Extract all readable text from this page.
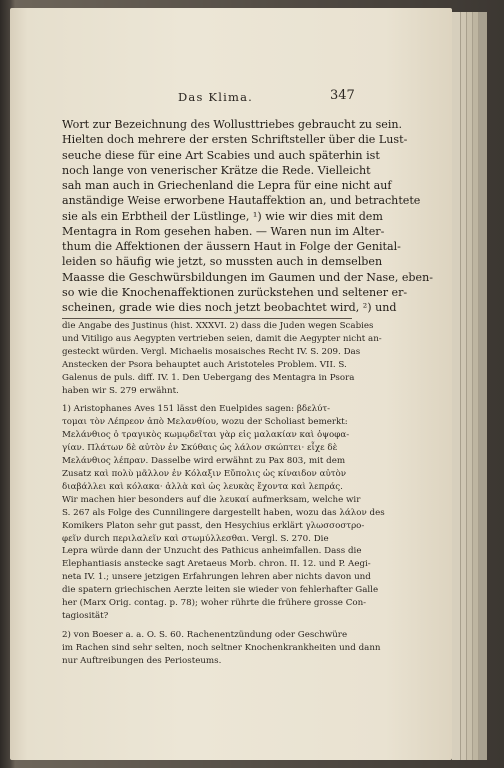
Das Klima.	347
Wort zur Bezeichnung des Wollusttriebes gebraucht zu sein.
Hielten doch mehrere der ersten Schriftsteller über die Lust-
seuche diese für eine Art Scabies und auch späterhin ist
noch lange von venerischer Krätze die Rede. Vielleicht
sah man auch in Griechenland die Lepra für eine nicht auf
anständige Weise erworbene Hautaffektion an, und betrachtete
sie als ein Erbtheil der Lüstlinge, ¹) wie wir dies mit dem
Mentagra in Rom gesehen haben. — Waren nun im Alter-
thum die Affektionen der äussern Haut in Folge der Genital-
leiden so häufig wie jetzt, so mussten auch in demselben
Maasse die Geschwürsbildungen im Gaumen und der Nase, eben-
so wie die Knochenaffektionen zurückstehen und seltener er-
scheinen, grade wie dies noch jetzt beobachtet wird, ²) und
die Angabe des Justinus (hist. XXXVI. 2) dass die Juden wegen Scabies
und Vitiligo aus Aegypten vertrieben seien, damit die Aegypter nicht an-
gesteckt würden. Vergl. Michaelis mosaisches Recht IV. S. 209. Das
Anstecken der Psora behauptet auch Aristoteles Problem. VII. S.
Galenus de puls. diff. IV. 1. Den Uebergang des Mentagra in Psora
haben wir S. 279 erwähnt.
1) Aristophanes Aves 151 lässt den Euelpides sagen: βδελύτ-
τομαι τὸν Λέπρεον ἀπὸ Μελανθίου, wozu der Scholiast bemerkt:
Μελάνθιος ὁ τραγικὸς κωμῳδεῖται γὰρ εἰς μαλακίαν καὶ ὀψοφα-
γίαν. Πλάτων δὲ αὐτὸν ἐν Σκύθαις ὡς λάλον σκώπτει· εἶχε δὲ
Μελάνθιος λέπραν. Dasselbe wird erwähnt zu Pax 803, mit dem
Zusatz καὶ πολὺ μᾶλλον ἐν Κόλαξιν Εὔπολις ὡς κίναιδον αὐτὸν
διαβάλλει καὶ κόλακα· ἀλλὰ καὶ ὡς λευκὰς ἔχοντα καὶ λεπράς.
Wir machen hier besonders auf die λευκαί aufmerksam, welche wir
S. 267 als Folge des Cunnilingere dargestellt haben, wozu das λάλον des
Komikers Platon sehr gut passt, den Hesychius erklärt γλωσσοστρο-
φεῖν durch περιλαλεῖν καὶ στωμύλλεσθαι. Vergl. S. 270. Die
Lepra würde dann der Unzucht des Pathicus anheimfallen. Dass die
Elephantiasis anstecke sagt Aretaeus Morb. chron. II. 12. und P. Aegi-
neta IV. 1.; unsere jetzigen Erfahrungen lehren aber nichts davon und
die spatern griechischen Aerzte leiten sie wieder von fehlerhafter Galle
her (Marx Orig. contag. p. 78); woher rührte die frühere grosse Con-
tagiosität?
2) von Boeser a. a. O. S. 60. Rachenentzündung oder Geschwüre
im Rachen sind sehr selten, noch seltner Knochenkrankheiten und dann
nur Auftreibungen des Periosteums.
